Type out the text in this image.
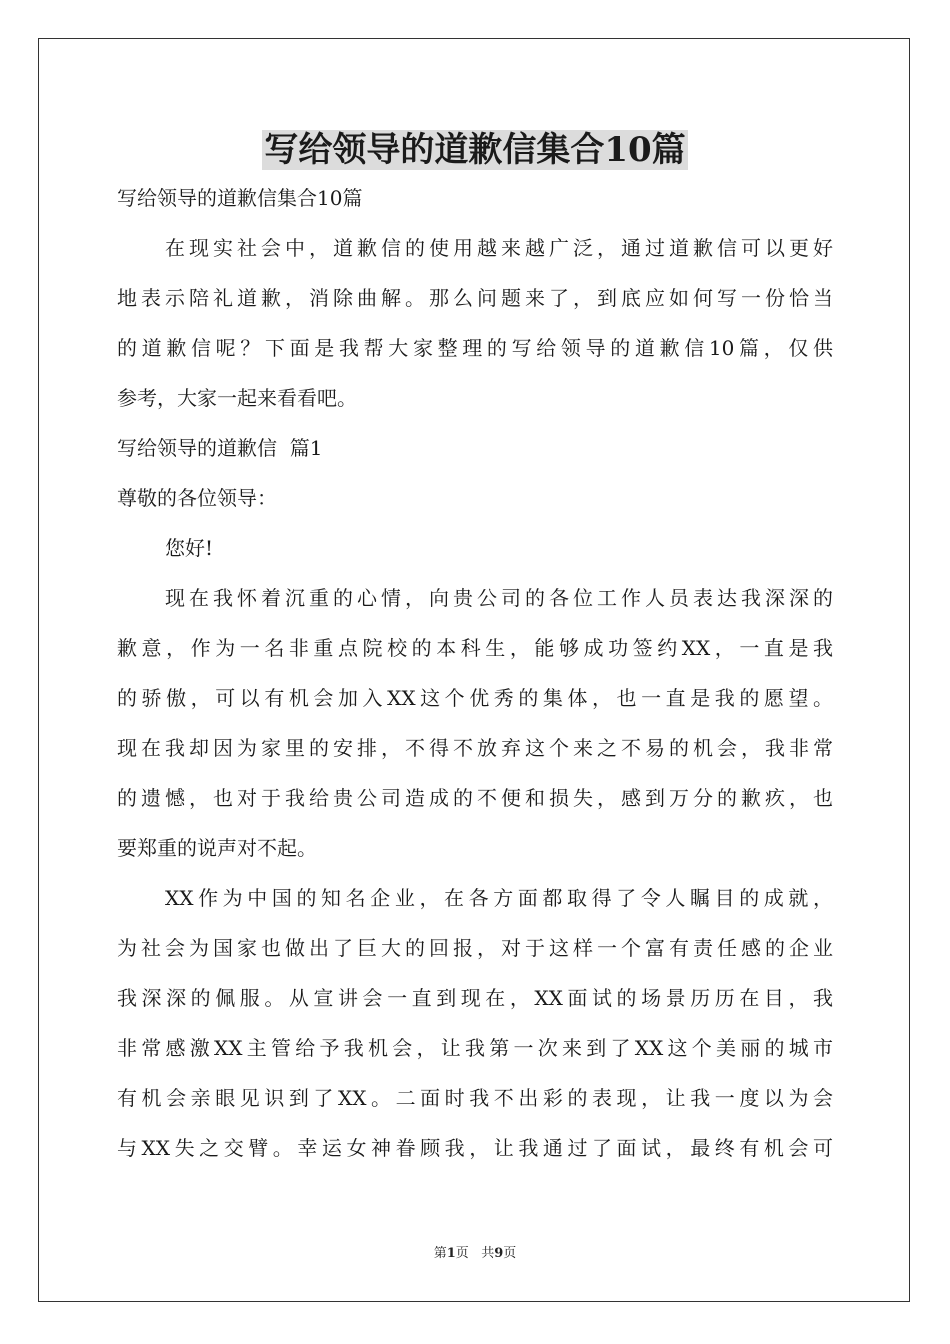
写给领导的道歉信集合10篇

写给领导的道歉信集合10篇

在现实社会中，道歉信的使用越来越广泛，通过道歉信可以更好

地表示陪礼道歉，消除曲解。那么问题来了，到底应如何写一份恰当

的道歉信呢？下面是我帮大家整理的写给领导的道歉信10篇，仅供

参考，大家一起来看看吧。

写给领导的道歉信  篇1

尊敬的各位领导：

您好!

现在我怀着沉重的心情，向贵公司的各位工作人员表达我深深的

歉意，作为一名非重点院校的本科生，能够成功签约XX，一直是我

的骄傲，可以有机会加入XX这个优秀的集体，也一直是我的愿望。

现在我却因为家里的安排，不得不放弃这个来之不易的机会，我非常

的遗憾，也对于我给贵公司造成的不便和损失，感到万分的歉疚，也

要郑重的说声对不起。

XX作为中国的知名企业，在各方面都取得了令人瞩目的成就，

为社会为国家也做出了巨大的回报，对于这样一个富有责任感的企业

我深深的佩服。从宣讲会一直到现在，XX面试的场景历历在目，我

非常感激XX主管给予我机会，让我第一次来到了XX这个美丽的城市

有机会亲眼见识到了XX。二面时我不出彩的表现，让我一度以为会

与XX失之交臂。幸运女神眷顾我，让我通过了面试，最终有机会可

第1页 共9页
